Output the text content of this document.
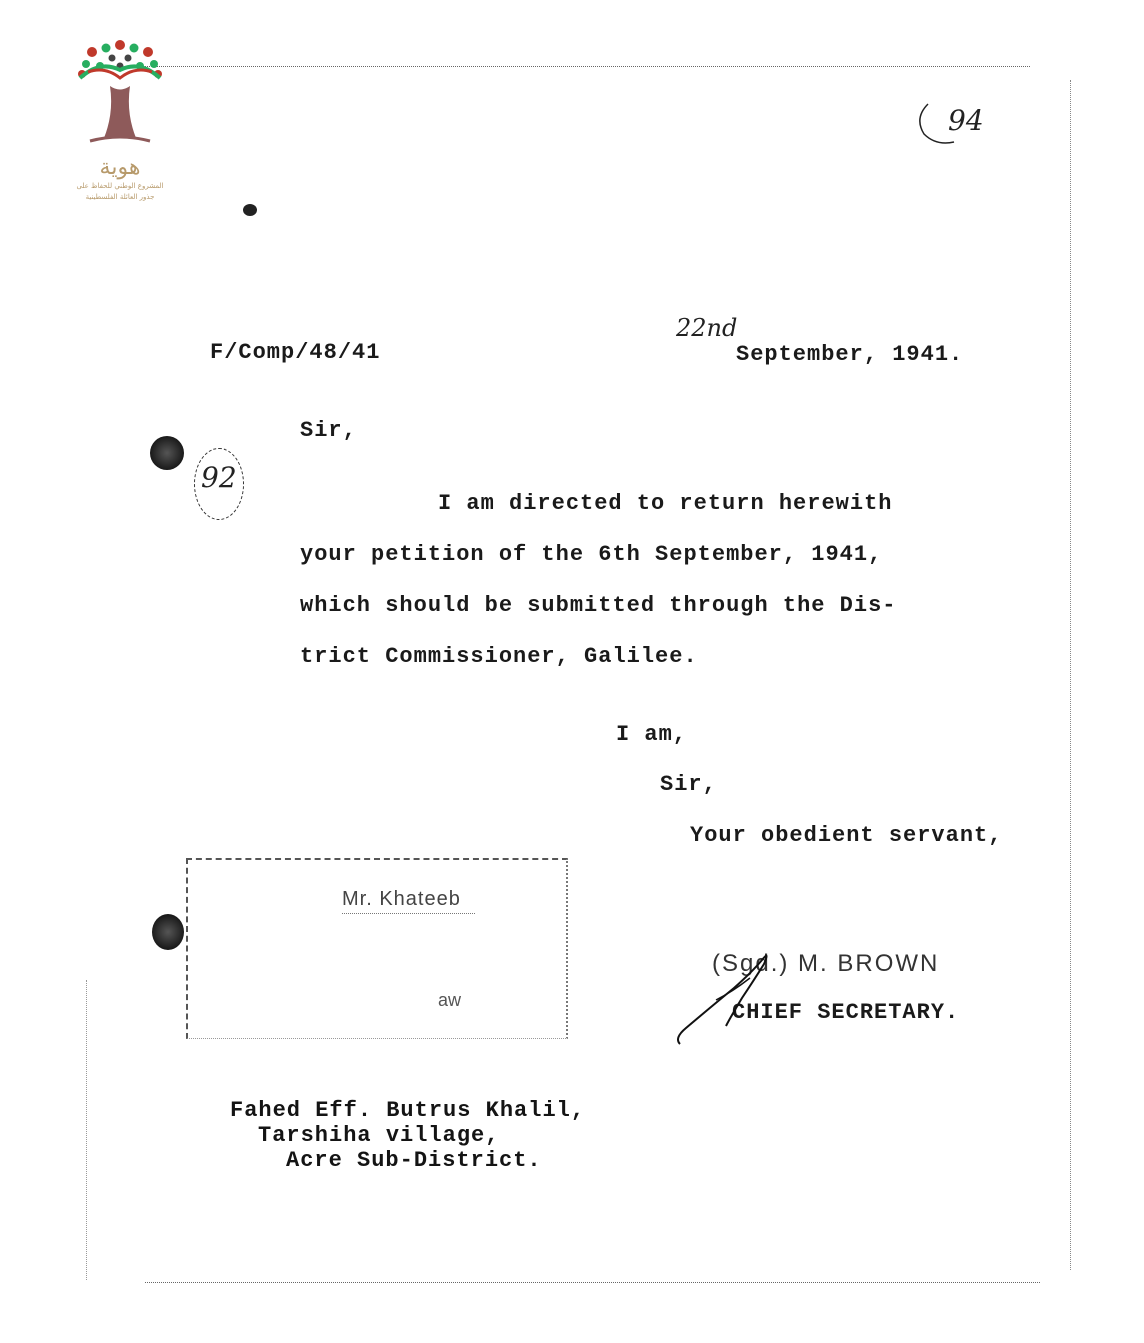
هوية
المشروع الوطني للحفاظ على
جذور العائلة الفلسطينية
94
F/Comp/48/41
22nd
September, 1941.
Sir,
92
I am directed to return herewith
your petition of the 6th September, 1941,
which should be submitted through the Dis-
trict Commissioner, Galilee.
I am,
Sir,
Your obedient servant,
Mr. Khateeb
aw
(Sgd.) M. BROWN
CHIEF SECRETARY.
Fahed Eff. Butrus Khalil,
Tarshiha village,
Acre Sub-District.
